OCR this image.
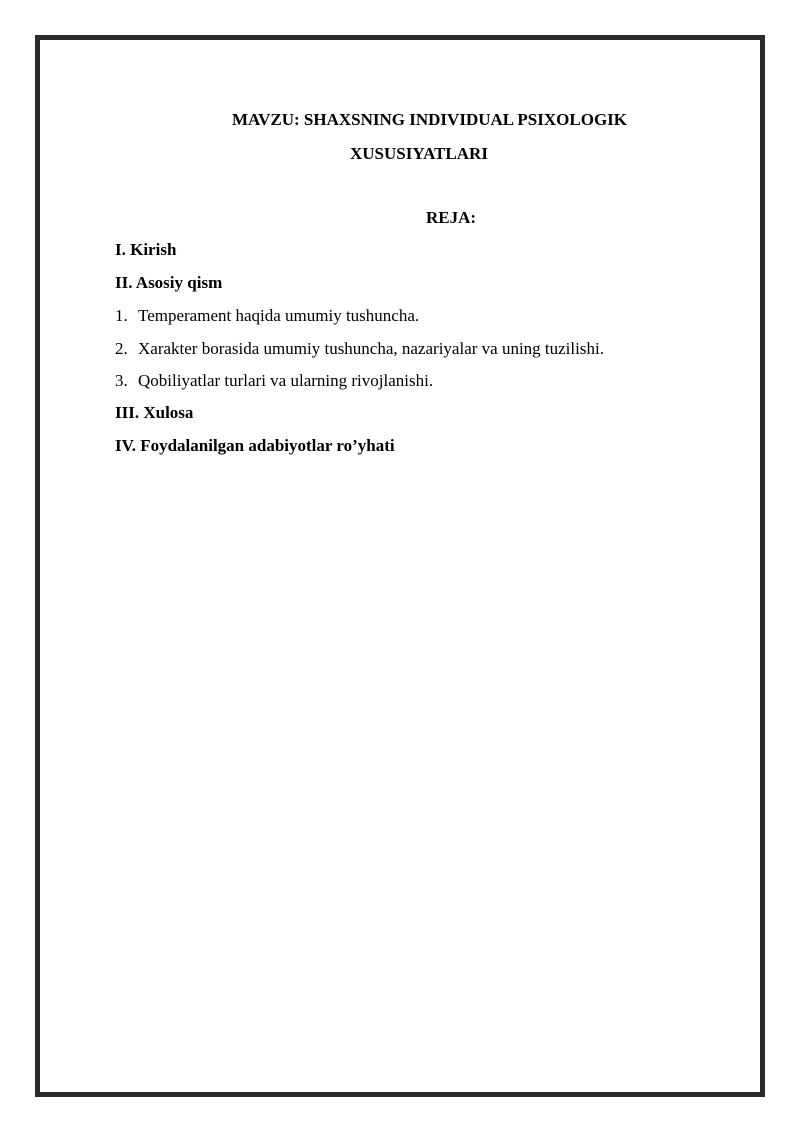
MAVZU: SHAXSNING INDIVIDUAL PSIXOLOGIK
XUSUSIYATLARI
REJA:
I. Kirish
II. Asosiy qism
1. Temperament haqida umumiy tushuncha.
2. Xarakter borasida umumiy tushuncha, nazariyalar va uning tuzilishi.
3. Qobiliyatlar turlari va ularning rivojlanishi.
III. Xulosa
IV. Foydalanilgan adabiyotlar ro’yhati
